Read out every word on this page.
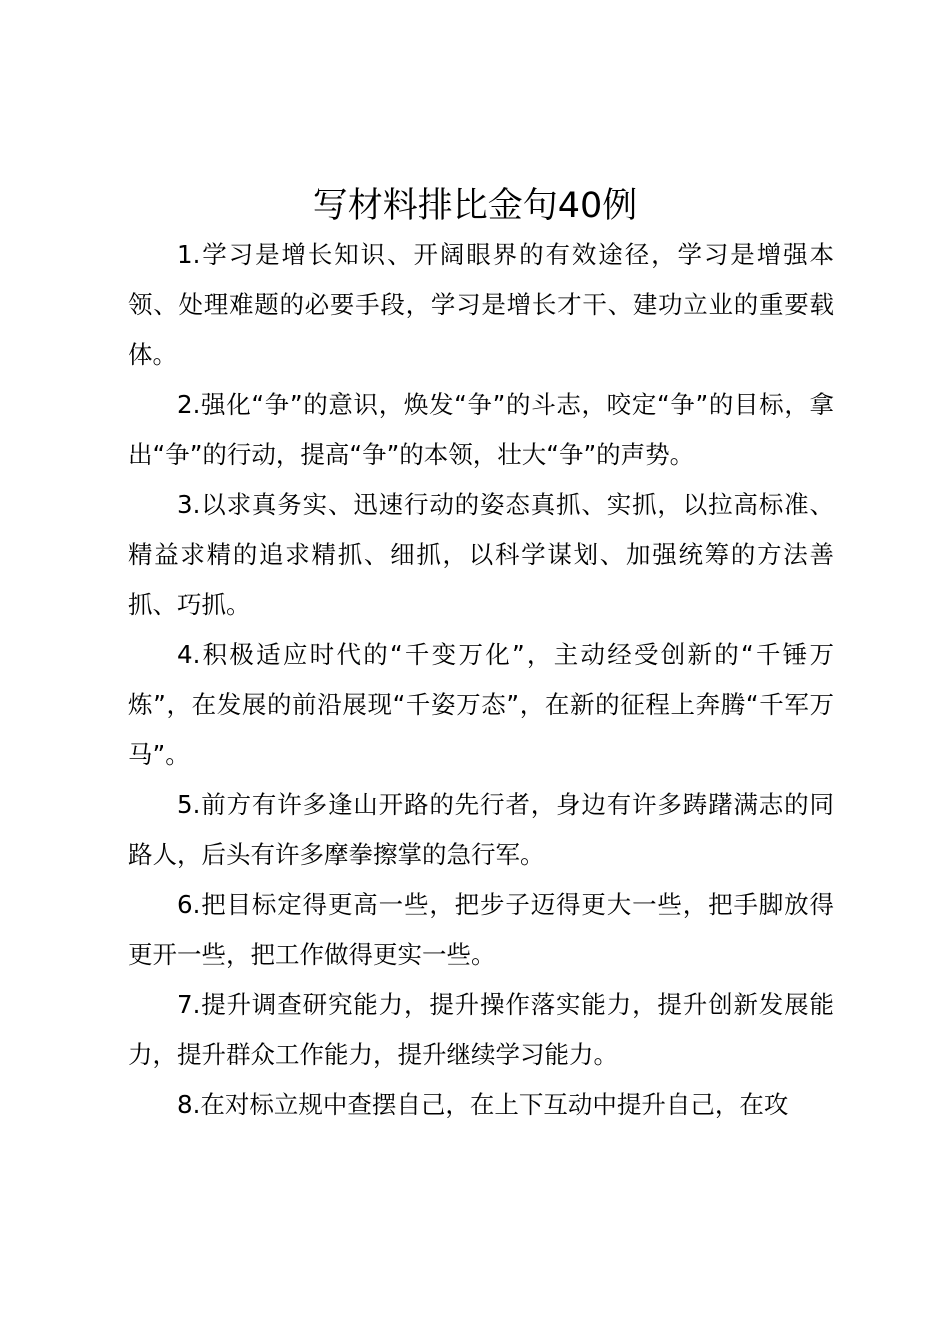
写材料排比金句40例

1.学习是增长知识、开阔眼界的有效途径，学习是增强本领、处理难题的必要手段，学习是增长才干、建功立业的重要载体。

2.强化“争”的意识，焕发“争”的斗志，咬定“争”的目标，拿出“争”的行动，提高“争”的本领，壮大“争”的声势。

3.以求真务实、迅速行动的姿态真抓、实抓，以拉高标准、精益求精的追求精抓、细抓，以科学谋划、加强统筹的方法善抓、巧抓。

4.积极适应时代的“千变万化”，主动经受创新的“千锤万炼”，在发展的前沿展现“千姿万态”，在新的征程上奔腾“千军万马”。

5.前方有许多逢山开路的先行者，身边有许多踌躇满志的同路人，后头有许多摩拳擦掌的急行军。

6.把目标定得更高一些，把步子迈得更大一些，把手脚放得更开一些，把工作做得更实一些。

7.提升调查研究能力，提升操作落实能力，提升创新发展能力，提升群众工作能力，提升继续学习能力。

8.在对标立规中查摆自己，在上下互动中提升自己，在攻
